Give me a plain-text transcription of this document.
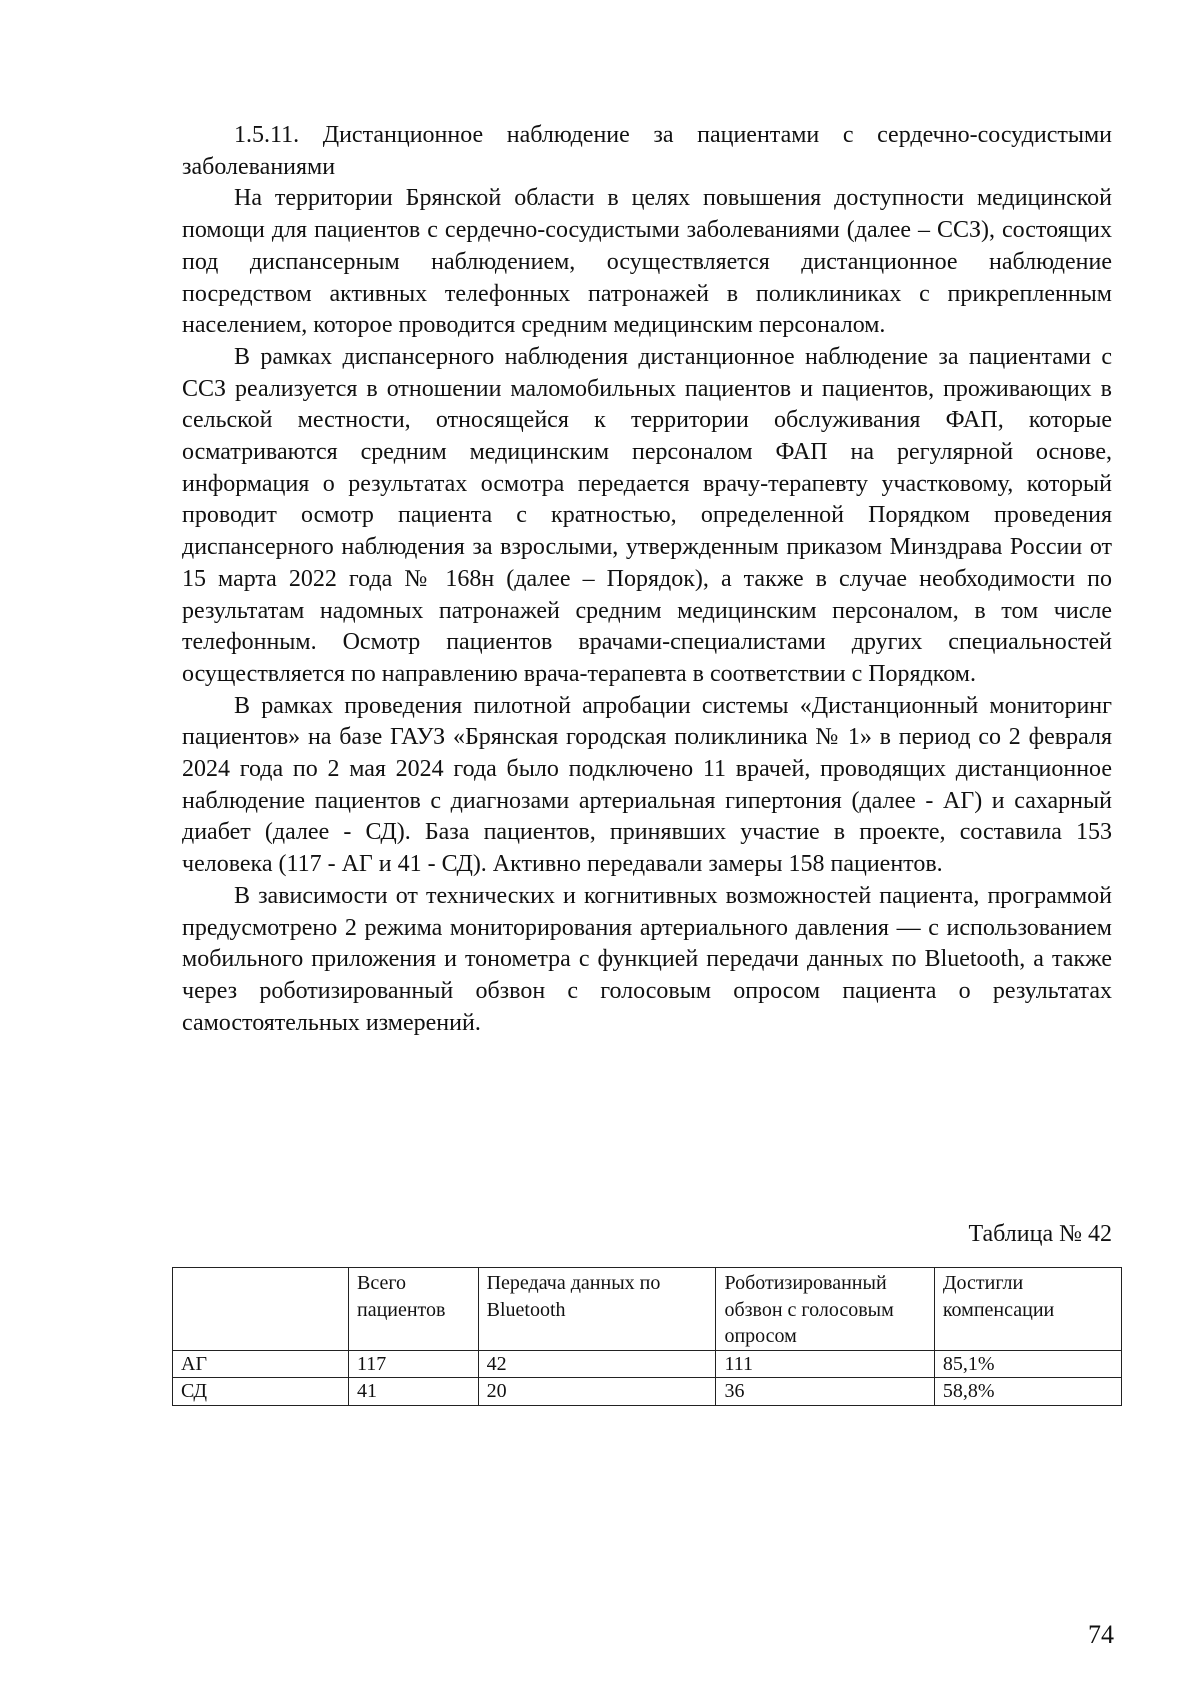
1.5.11. Дистанционное наблюдение за пациентами с сердечно-сосудистыми заболеваниями

На территории Брянской области в целях повышения доступности медицинской помощи для пациентов с сердечно-сосудистыми заболеваниями (далее – ССЗ), состоящих под диспансерным наблюдением, осуществляется дистанционное наблюдение посредством активных телефонных патронажей в поликлиниках с прикрепленным населением, которое проводится средним медицинским персоналом.

В рамках диспансерного наблюдения дистанционное наблюдение за пациентами с ССЗ реализуется в отношении маломобильных пациентов и пациентов, проживающих в сельской местности, относящейся к территории обслуживания ФАП, которые осматриваются средним медицинским персоналом ФАП на регулярной основе, информация о результатах осмотра передается врачу-терапевту участковому, который проводит осмотр пациента с кратностью, определенной Порядком проведения диспансерного наблюдения за взрослыми, утвержденным приказом Минздрава России от 15 марта 2022 года № 168н (далее – Порядок), а также в случае необходимости по результатам надомных патронажей средним медицинским персоналом, в том числе телефонным. Осмотр пациентов врачами-специалистами других специальностей осуществляется по направлению врача-терапевта в соответствии с Порядком.

В рамках проведения пилотной апробации системы «Дистанционный мониторинг пациентов» на базе ГАУЗ «Брянская городская поликлиника № 1» в период со 2 февраля 2024 года по 2 мая 2024 года было подключено 11 врачей, проводящих дистанционное наблюдение пациентов с диагнозами артериальная гипертония (далее - АГ) и сахарный диабет (далее - СД). База пациентов, принявших участие в проекте, составила 153 человека (117 - АГ и 41 - СД). Активно передавали замеры 158 пациентов.

В зависимости от технических и когнитивных возможностей пациента, программой предусмотрено 2 режима мониторирования артериального давления — с использованием мобильного приложения и тонометра с функцией передачи данных по Bluetooth, а также через роботизированный обзвон с голосовым опросом пациента о результатах самостоятельных измерений.

Таблица № 42
	Всего пациентов	Передача данных по Bluetooth	Роботизированный обзвон с голосовым опросом	Достигли компенсации
АГ	117	42	111	85,1%
СД	41	20	36	58,8%
74
